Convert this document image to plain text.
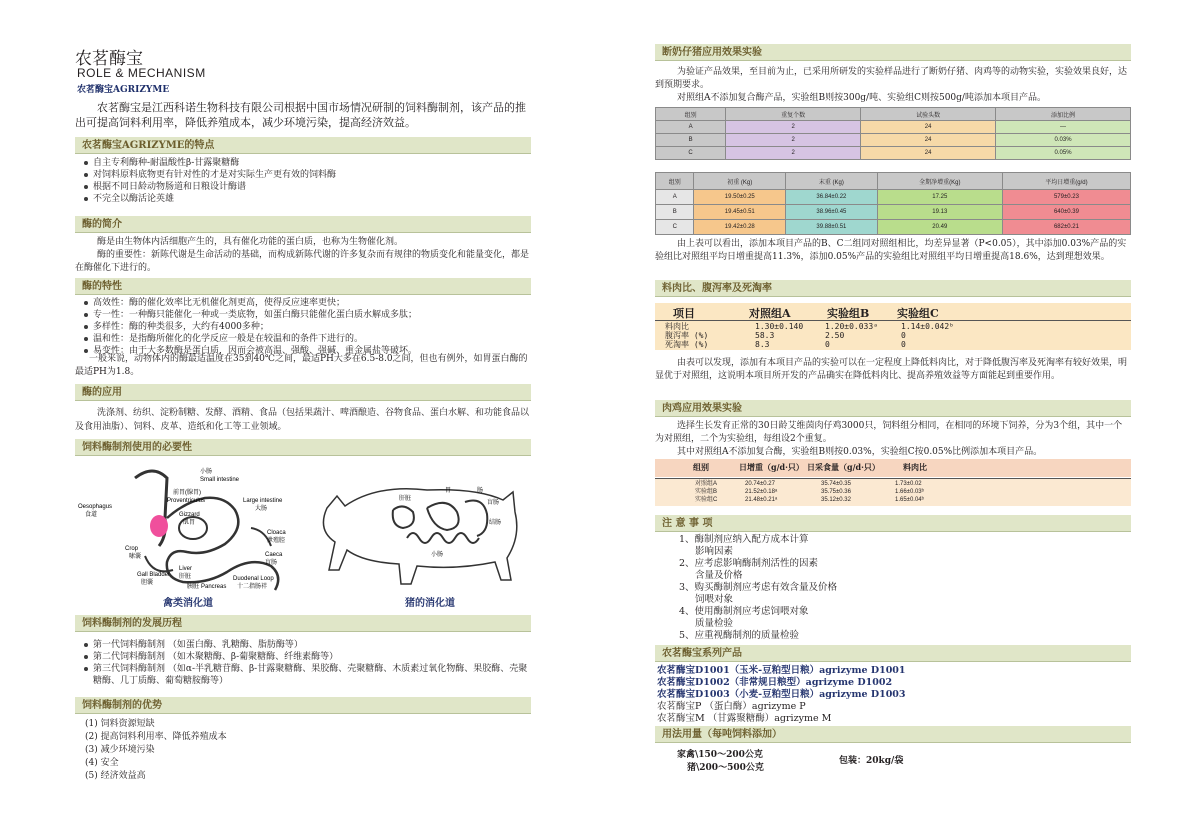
农茗酶宝
ROLE & MECHANISM
农茗酶宝AGRIZYME
农茗酶宝是江西科诺生物科技有限公司根据中国市场情况研制的饲料酶制剂，该产品的推出可提高饲料利用率，降低养殖成本，减少环境污染，提高经济效益。
农茗酶宝AGRIZYME的特点
自主专利酶种-耐温酸性β-甘露聚糖酶
对饲料原料底物更有针对性的才是对实际生产更有效的饲料酶
根据不同日龄动物肠道和日粮设计酶谱
不完全以酶活论英雄
酶的简介
酶是由生物体内活细胞产生的，具有催化功能的蛋白质，也称为生物催化剂。
酶的重要性：新陈代谢是生命活动的基础，而构成新陈代谢的许多复杂而有规律的物质变化和能量变化，都是在酶催化下进行的。
酶的特性
高效性：酶的催化效率比无机催化剂更高，使得反应速率更快；
专一性：一种酶只能催化一种或一类底物，如蛋白酶只能催化蛋白质水解成多肽；
多样性：酶的种类很多，大约有4000多种；
温和性：是指酶所催化的化学反应一般是在较温和的条件下进行的。
易变性：由于大多数酶是蛋白质，因而会被高温、强酸、强碱、重金属盐等破坏。
一般来说，动物体内的酶最适温度在35到40℃之间，最适PH大多在6.5-8.0之间，但也有例外，如胃蛋白酶的最适PH为1.8。
酶的应用
洗涤剂、纺织、淀粉制糖、发酵、酒精、食品（包括果蔬汁、啤酒酿造、谷物食品、蛋白水解、和功能食品以及食用油脂）、饲料、皮革、造纸和化工等工业领域。
饲料酶制剂使用的必要性
小肠
Small intestine
前胃(腺胃)
Proventriculus
Oesophagus
食道	Gizzard
肌胃
Large intestine
大肠
Cloaca
泄殖腔
Caeca
盲肠
Crop
嗉囊
Liver
肝脏
Gall Bladder
胆囊
Pancreas
胰脏
Duodenal Loop
十二指肠袢
禽类消化道
肝脏
胃	肠
盲肠
结肠
小肠
猪的消化道
饲料酶制剂的发展历程
第一代饲料酶制剂 （如蛋白酶、乳糖酶、脂肪酶等）
第二代饲料酶制剂 （如木聚糖酶、β-葡聚糖酶、纤维素酶等）
第三代饲料酶制剂 （如α-半乳糖苷酶、β-甘露聚糖酶、果胶酶、壳聚糖酶、木质素过氧化物酶、果胶酶、壳聚糖酶、几丁质酶、葡萄糖胺酶等）
饲料酶制剂的优势
(1) 饲料资源短缺
(2) 提高饲料利用率、降低养殖成本
(3) 减少环境污染
(4) 安全
(5) 经济效益高
断奶仔猪应用效果实验
为验证产品效果，至目前为止，已采用所研发的实验样品进行了断奶仔猪、肉鸡等的动物实验，实验效果良好，达到预期要求。
对照组A不添加复合酶产品，实验组B则按300g/吨、实验组C则按500g/吨添加本项目产品。
组别	重复个数	试验头数	添加比例
A	2	24	—
B	2	24	0.03%
C	2	24	0.05%
组别	初重 (Kg)	末重 (Kg)	全期净增重(Kg)	平均日增重(g/d)
A	19.50±0.25	36.84±0.22	17.25	579±0.23
B	19.45±0.51	38.96±0.45	19.13	640±0.39
C	19.42±0.28	39.88±0.51	20.49	682±0.21
由上表可以看出，添加本项目产品的B、C二组同对照组相比，均差异显著（P<0.05），其中添加0.03%产品的实验组比对照组平均日增重提高11.3%，添加0.05%产品的实验组比对照组平均日增重提高18.6%，达到理想效果。
料肉比、腹泻率及死淘率
项目	对照组A	实验组B	实验组C
料肉比	1.30±0.140	1.20±0.033ᵃ	1.14±0.042ᵇ
腹泻率 (%)	58.3	2.50	0
死淘率 (%)	8.3	0	0
由表可以发现，添加有本项目产品的实验可以在一定程度上降低料肉比，对于降低腹泻率及死淘率有较好效果，明显优于对照组，这说明本项目所开发的产品确实在降低料肉比、提高养殖效益等方面能起到重要作用。
肉鸡应用效果实验
选择生长发育正常的30日龄艾维茵肉仔鸡3000只，饲料组分相同，在相同的环境下饲养，分为3个组，其中一个为对照组，二个为实验组，每组设2个重复。
其中对照组A不添加复合酶，实验组B则按0.03%，实验组C按0.05%比例添加本项目产品。
组别	日增重（g/d·只） 日采食量（g/d·只）	料肉比
对照组A	20.74±0.27	35.74±0.35	1.73±0.02
实验组B	21.52±0.18ᵃ	35.75±0.36	1.66±0.03ᵇ
实验组C	21.48±0.21ᵃ	35.12±0.32	1.65±0.04ᵇ
注 意 事 项
1、酶制剂应纳入配方成本计算
影响因素
2、应考虑影响酶制剂活性的因素
含量及价格
3、购买酶制剂应考虑有效含量及价格
饲喂对象
4、使用酶制剂应考虑饲喂对象
质量检验
5、应重视酶制剂的质量检验
农茗酶宝系列产品
农茗酶宝D1001（玉米-豆粕型日粮）agrizyme D1001
农茗酶宝D1002（非常规日粮型）agrizyme D1002
农茗酶宝D1003（小麦-豆粕型日粮）agrizyme D1003
农茗酶宝P （蛋白酶）agrizyme P
农茗酶宝M （甘露聚糖酶）agrizyme M
用法用量（每吨饲料添加）
家禽\150～200公克
猪\200～500公克
包装：20kg/袋
